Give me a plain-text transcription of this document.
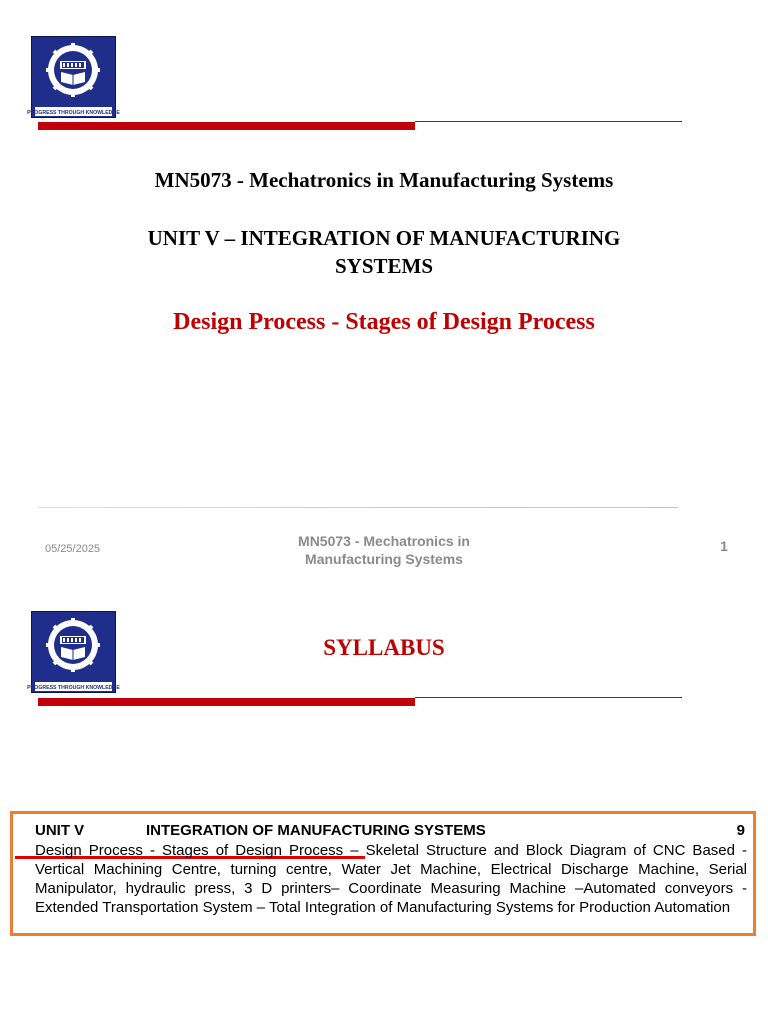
PROGRESS THROUGH KNOWLEDGE
MN5073 - Mechatronics in Manufacturing Systems
UNIT V – INTEGRATION OF MANUFACTURING SYSTEMS
Design Process - Stages of Design Process
05/25/2025	MN5073 - Mechatronics in Manufacturing Systems
1
PROGRESS THROUGH KNOWLEDGE
SYLLABUS
UNIT V	INTEGRATION OF MANUFACTURING SYSTEMS	9
Design Process - Stages of Design Process – Skeletal Structure and Block Diagram of CNC Based - Vertical Machining Centre, turning centre, Water Jet Machine, Electrical Discharge Machine, Serial Manipulator, hydraulic press, 3 D printers– Coordinate Measuring Machine –Automated conveyors - Extended Transportation System – Total Integration of Manufacturing Systems for Production Automation
